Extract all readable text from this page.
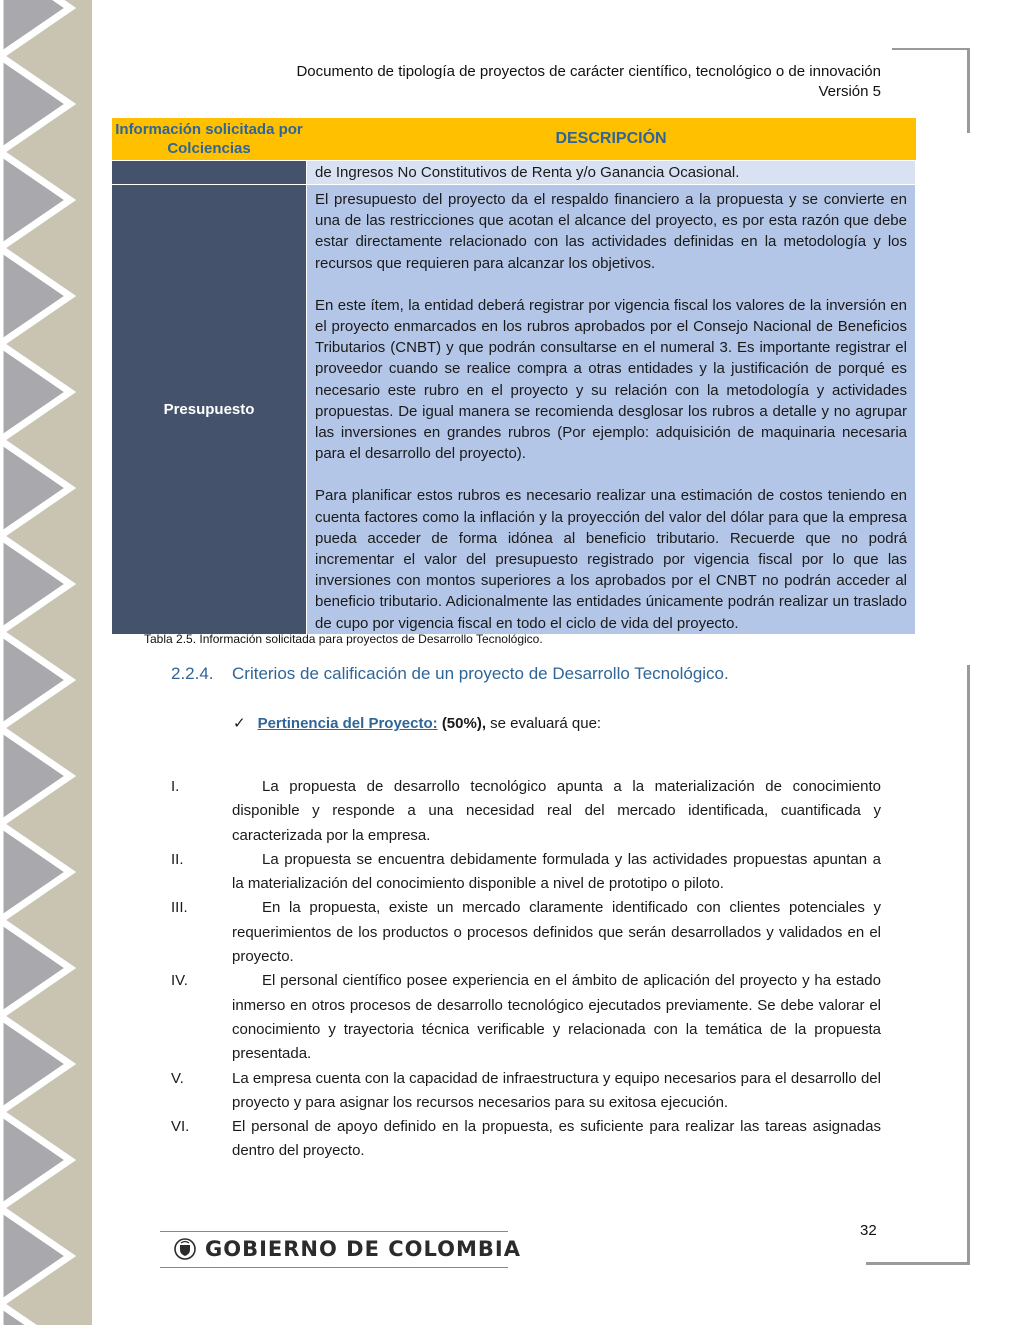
Documento de tipología de proyectos de carácter científico, tecnológico o de innovación
Versión 5
Información solicitada por Colciencias	DESCRIPCIÓN
	de Ingresos No Constitutivos de Renta y/o Ganancia Ocasional.

Presupuesto	El presupuesto del proyecto da el respaldo financiero a la propuesta y se convierte en una de las restricciones que acotan el alcance del proyecto, es por esta razón que debe estar directamente relacionado con las actividades definidas en la metodología y los recursos que requieren para alcanzar los objetivos.

En este ítem, la entidad deberá registrar por vigencia fiscal los valores de la inversión en el proyecto enmarcados en los rubros aprobados por el Consejo Nacional de Beneficios Tributarios (CNBT) y que podrán consultarse en el numeral 3. Es importante registrar el proveedor cuando se realice compra a otras entidades y la justificación de porqué es necesario este rubro en el proyecto y su relación con la metodología y actividades propuestas. De igual manera se recomienda desglosar los rubros a detalle y no agrupar las inversiones en grandes rubros (Por ejemplo: adquisición de maquinaria necesaria para el desarrollo del proyecto).

Para planificar estos rubros es necesario realizar una estimación de costos teniendo en cuenta factores como la inflación y la proyección del valor del dólar para que la empresa pueda acceder de forma idónea al beneficio tributario. Recuerde que no podrá incrementar el valor del presupuesto registrado por vigencia fiscal por lo que las inversiones con montos superiores a los aprobados por el CNBT no podrán acceder al beneficio tributario. Adicionalmente las entidades únicamente podrán realizar un traslado de cupo por vigencia fiscal en todo el ciclo de vida del proyecto.

Tabla 2.5. Información solicitada para proyectos de Desarrollo Tecnológico.
2.2.4. Criterios de calificación de un proyecto de Desarrollo Tecnológico.
✓ Pertinencia del Proyecto: (50%), se evaluará que:
I.	La propuesta de desarrollo tecnológico apunta a la materialización de conocimiento disponible y responde a una necesidad real del mercado identificada, cuantificada y caracterizada por la empresa.
II.	La propuesta se encuentra debidamente formulada y las actividades propuestas apuntan a la materialización del conocimiento disponible a nivel de prototipo o piloto.
III.	En la propuesta, existe un mercado claramente identificado con clientes potenciales y requerimientos de los productos o procesos definidos que serán desarrollados y validados en el proyecto.
IV.	El personal científico posee experiencia en el ámbito de aplicación del proyecto y ha estado inmerso en otros procesos de desarrollo tecnológico ejecutados previamente. Se debe valorar el conocimiento y trayectoria técnica verificable y relacionada con la temática de la propuesta presentada.
V.	La empresa cuenta con la capacidad de infraestructura y equipo necesarios para el desarrollo del proyecto y para asignar los recursos necesarios para su exitosa ejecución.
VI.	El personal de apoyo definido en la propuesta, es suficiente para realizar las tareas asignadas dentro del proyecto.
32
GOBIERNO DE COLOMBIA
